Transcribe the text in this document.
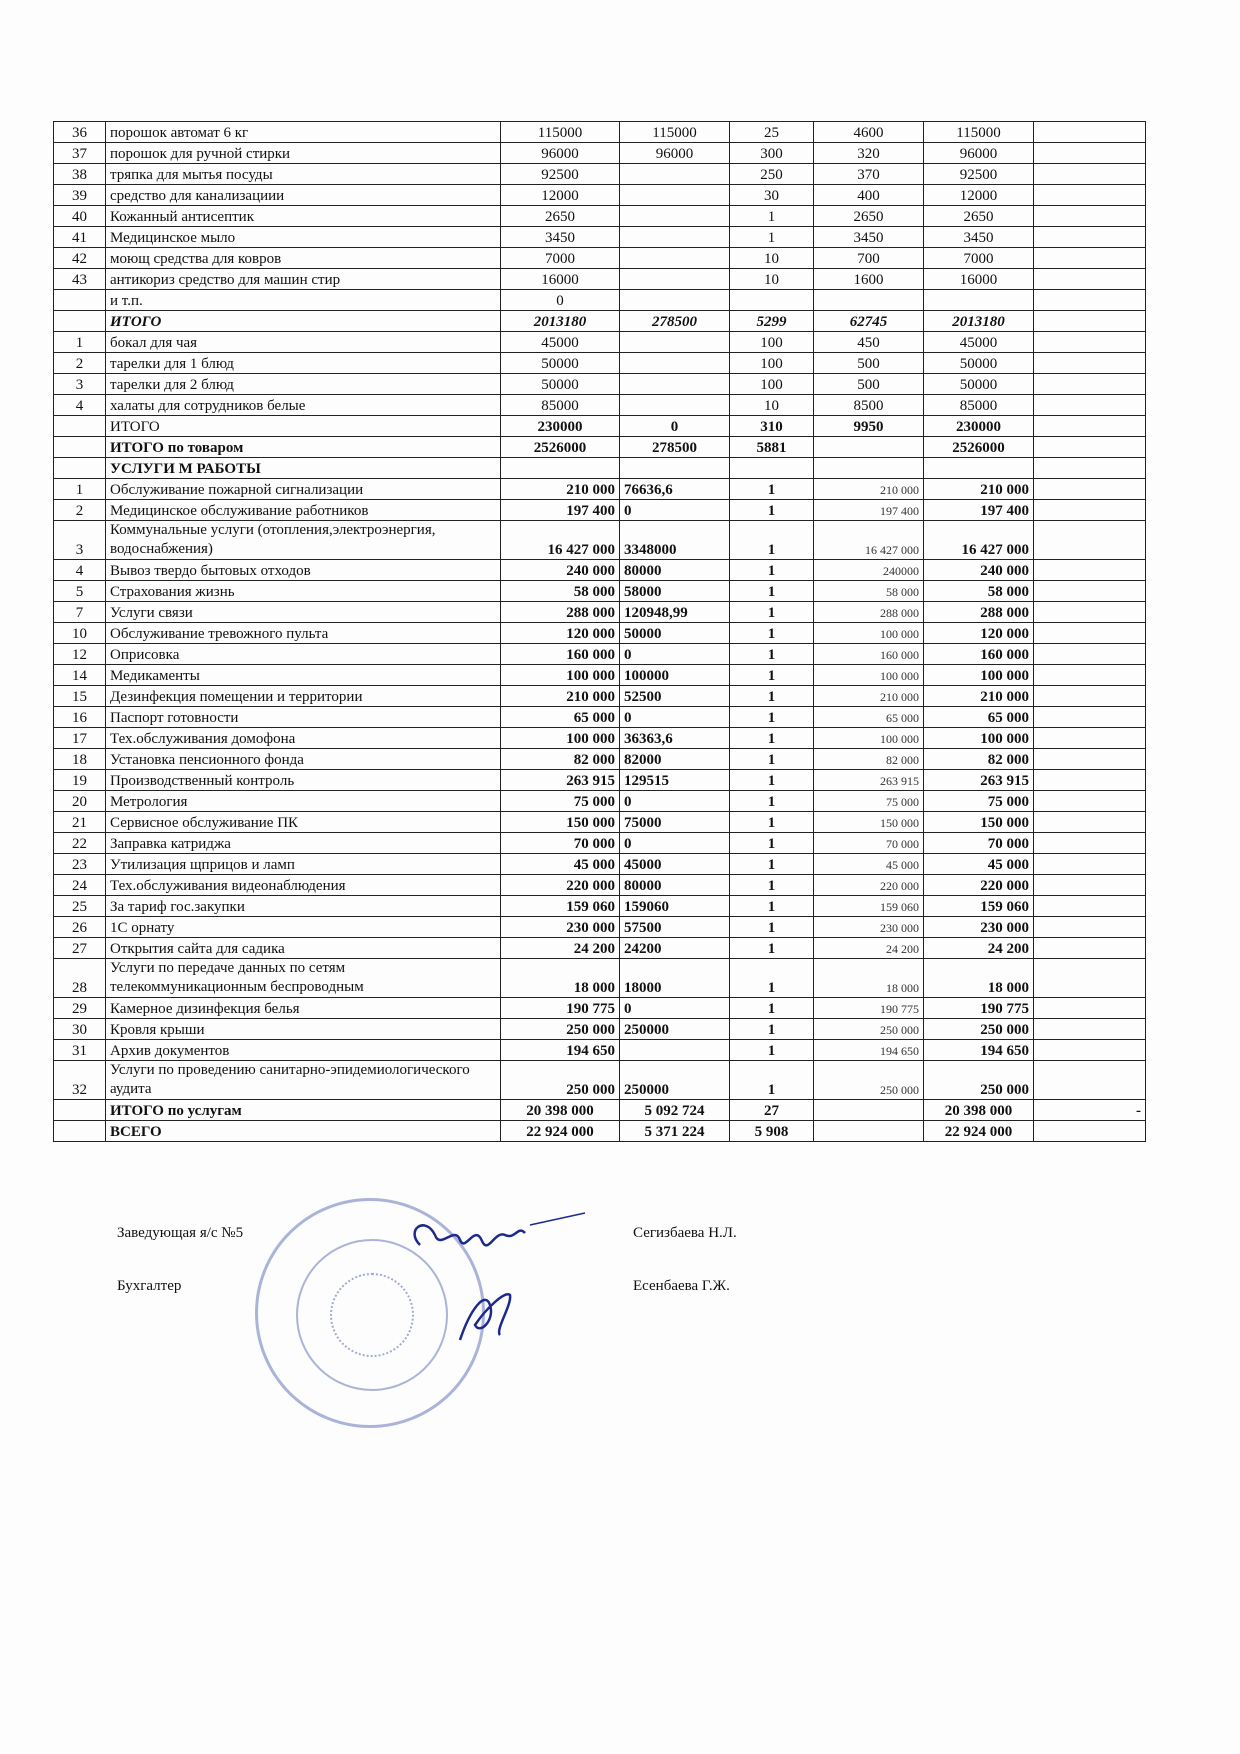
36	порошок автомат 6 кг	115000	115000	25	4600	115000	
37	порошок для ручной стирки	96000	96000	300	320	96000	
38	тряпка для мытья посуды	92500		250	370	92500	
39	средство для канализациии	12000		30	400	12000	
40	Кожанный антисептик	2650		1	2650	2650	
41	Медицинское мыло	3450		1	3450	3450	
42	моющ средства для ковров	7000		10	700	7000	
43	антикориз средство для машин стир	16000		10	1600	16000	
	и т.п.	0					
	ИТОГО	2013180	278500	5299	62745	2013180	
1	бокал для чая	45000		100	450	45000	
2	тарелки для 1 блюд	50000		100	500	50000	
3	тарелки для 2 блюд	50000		100	500	50000	
4	халаты для сотрудников белые	85000		10	8500	85000	
	ИТОГО	230000	0	310	9950	230000	
	ИТОГО по товаром	2526000	278500	5881		2526000	
	УСЛУГИ М РАБОТЫ						
1	Обслуживание пожарной сигнализации	210 000	76636,6	1	210 000	210 000	
2	Медицинское обслуживание работников	197 400	0	1	197 400	197 400	
3	Коммунальные услуги (отопления,электроэнергия, водоснабжения)	16 427 000	3348000	1	16 427 000	16 427 000	
4	Вывоз твердо бытовых отходов	240 000	80000	1	240000	240 000	
5	Страхования жизнь	58 000	58000	1	58 000	58 000	
7	Услуги связи	288 000	120948,99	1	288 000	288 000	
10	Обслуживание тревожного пульта	120 000	50000	1	100 000	120 000	
12	Оприсовка	160 000	0	1	160 000	160 000	
14	Медикаменты	100 000	100000	1	100 000	100 000	
15	Дезинфекция помещении и территории	210 000	52500	1	210 000	210 000	
16	Паспорт готовности	65 000	0	1	65 000	65 000	
17	Тех.обслуживания домофона	100 000	36363,6	1	100 000	100 000	
18	Установка пенсионного фонда	82 000	82000	1	82 000	82 000	
19	Производственный контроль	263 915	129515	1	263 915	263 915	
20	Метрология	75 000	0	1	75 000	75 000	
21	Сервисное обслуживание ПК	150 000	75000	1	150 000	150 000	
22	Заправка катриджа	70 000	0	1	70 000	70 000	
23	Утилизация щприцов и ламп	45 000	45000	1	45 000	45 000	
24	Тех.обслуживания видеонаблюдения	220 000	80000	1	220 000	220 000	
25	За тариф гос.закупки	159 060	159060	1	159 060	159 060	
26	1С орнату	230 000	57500	1	230 000	230 000	
27	Открытия сайта для садика	24 200	24200	1	24 200	24 200	
28	Услуги по передаче данных по сетям телекоммуникационным беспроводным	18 000	18000	1	18 000	18 000	
29	Камерное дизинфекция белья	190 775	0	1	190 775	190 775	
30	Кровля крыши	250 000	250000	1	250 000	250 000	
31	Архив документов	194 650		1	194 650	194 650	
32	Услуги по проведению санитарно-эпидемиологического аудита	250 000	250000	1	250 000	250 000	
	ИТОГО по услугам	20 398 000	5 092 724	27		20 398 000	-
	ВСЕГО	22 924 000	5 371 224	5 908		22 924 000	
Заведующая я/с №5	Сегизбаева Н.Л.
Бухгалтер	Есенбаева Г.Ж.
